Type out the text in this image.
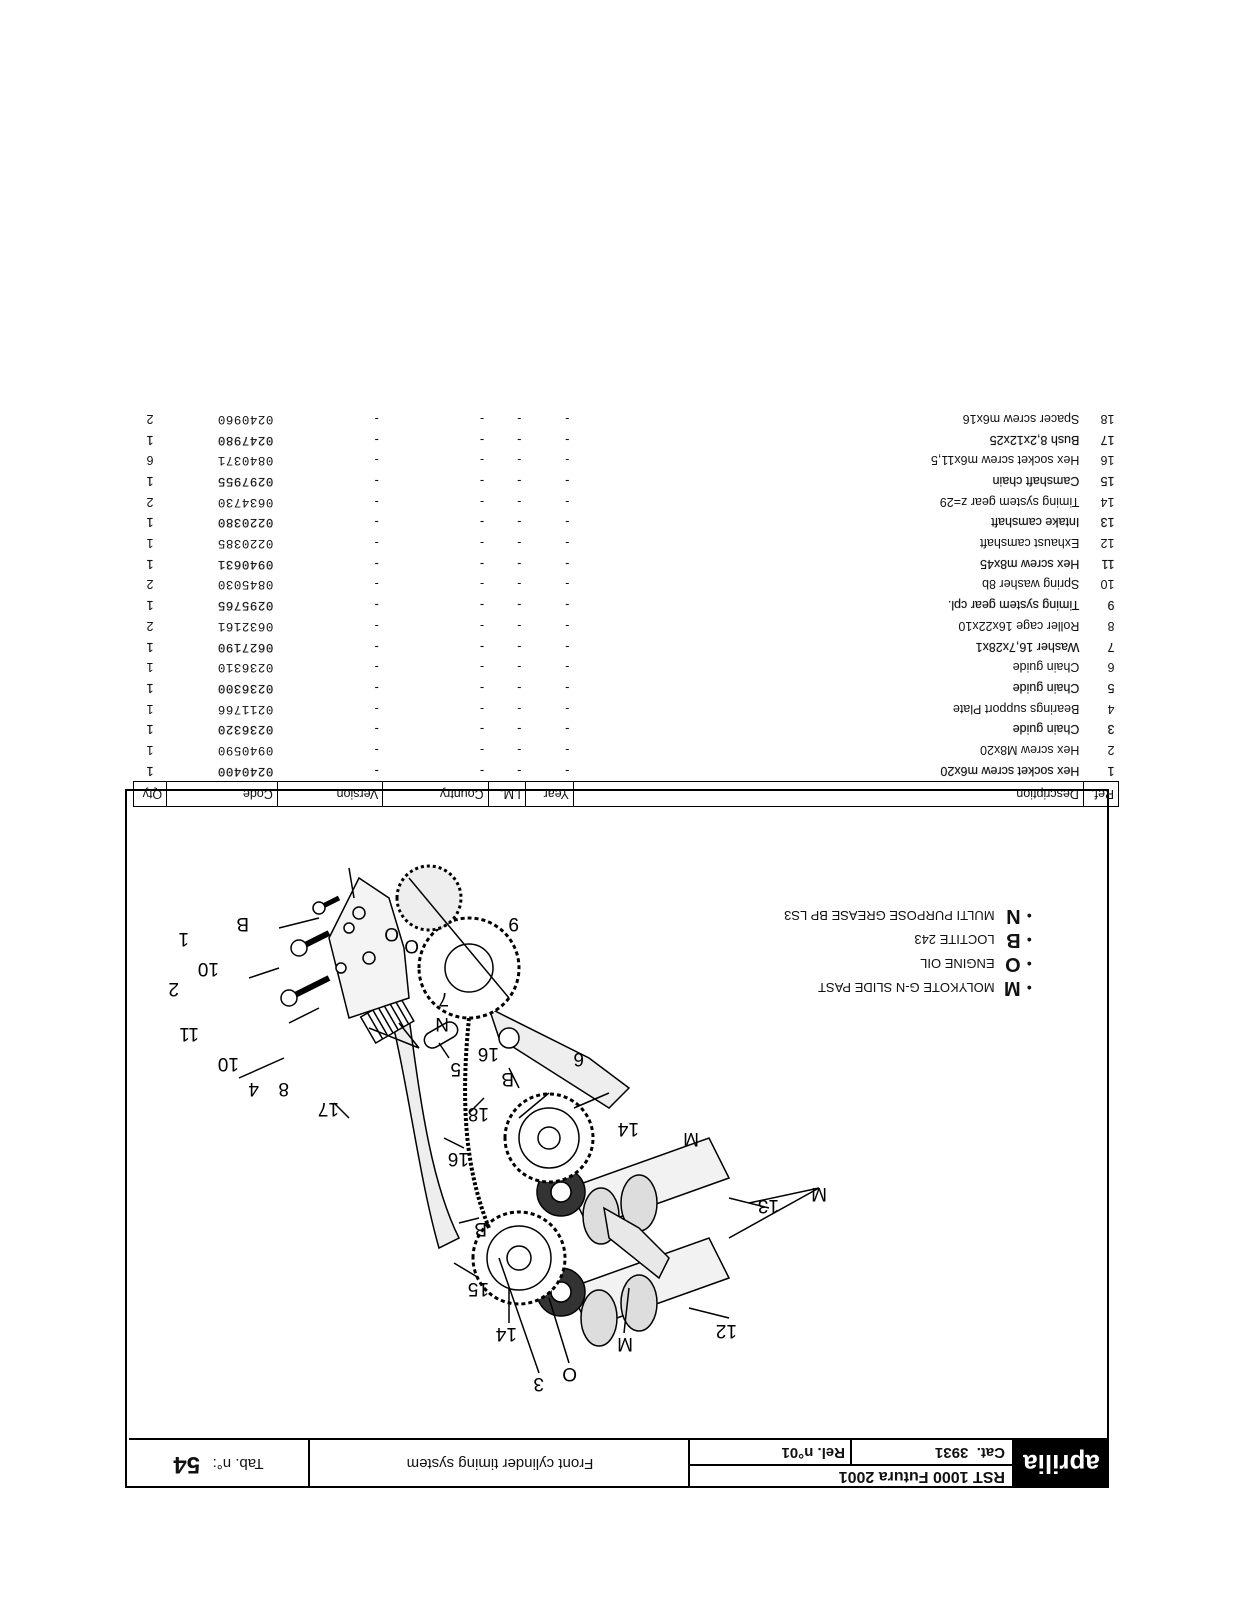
aprilia
RST 1000 Futura 2001
Cat.

3931
Rel. n°01
Front cylinder timing system
Tab. n°:

54
13
M
12
M
O
3
14
15
B
16
18
5 B
14 M
16
N
7
6
17
8
4
10
11
9
O
O
2
10
1
B
●
M
MOLYKOTE G-N SLIDE PAST
●
O
ENGINE OIL
●
B
LOCTITE 243
●
N
MULTI PURPOSE GREASE BP LS3
Ref.	Description	Year	I.M.	Country	Version	Code	Qty
1	Hex socket screw m6x20	-	-	-	-	0240400	1
2	Hex screw M8x20	-	-	-	-	0940590	1
3	Chain guide	-	-	-	-	0236320	1
4	Bearings support Plate	-	-	-	-	0211766	1
5	Chain guide	-	-	-	-	0236300	1
6	Chain guide	-	-	-	-	0236310	1
7	Washer 16,7x28x1	-	-	-	-	0627190	1
8	Roller cage 16x22x10	-	-	-	-	0632161	2
9	Timing system gear cpl.	-	-	-	-	0295765	1
10	Spring washer 8b	-	-	-	-	0845030	2
11	Hex screw m8x45	-	-	-	-	0940631	1
12	Exhaust camshaft	-	-	-	-	0220385	1
13	Intake camshaft	-	-	-	-	0220380	1
14	Timing system gear z=29	-	-	-	-	0634730	2
15	Camshaft chain	-	-	-	-	0297955	1
16	Hex socket screw m6x11,5	-	-	-	-	0840371	6
17	Bush 8,2x12x25	-	-	-	-	0247980	1
18	Spacer screw m6x16	-	-	-	-	0240960	2
